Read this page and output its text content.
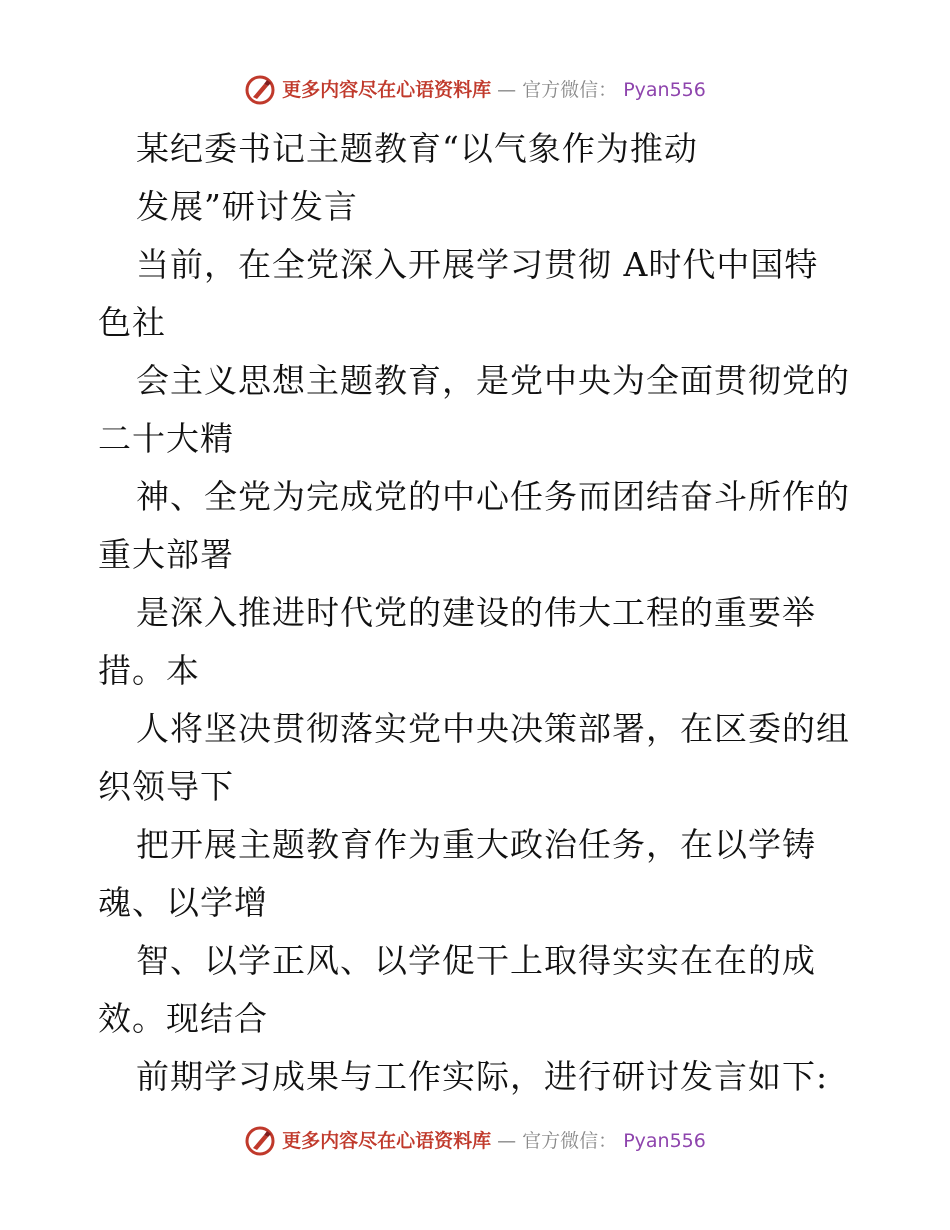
更多内容尽在心语资料库 — 官方微信： Pyan556
某纪委书记主题教育“以气象作为推动
发展”研讨发言
当前，在全党深入开展学习贯彻 A时代中国特
色社
会主义思想主题教育，是党中央为全面贯彻党的
二十大精
神、全党为完成党的中心任务而团结奋斗所作的
重大部署
是深入推进时代党的建设的伟大工程的重要举
措。本
人将坚决贯彻落实党中央决策部署，在区委的组
织领导下
把开展主题教育作为重大政治任务，在以学铸
魂、以学增
智、以学正风、以学促干上取得实实在在的成
效。现结合
前期学习成果与工作实际，进行研讨发言如下:
更多内容尽在心语资料库 — 官方微信： Pyan556
